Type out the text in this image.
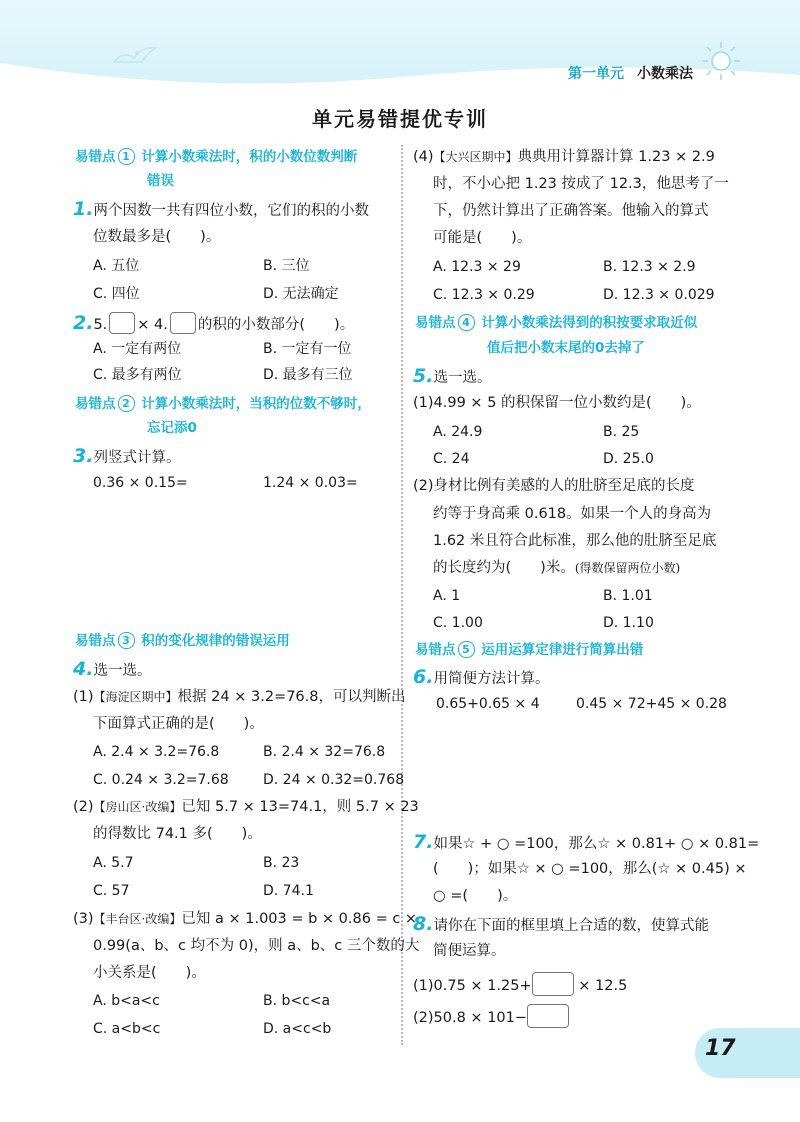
第一单元 小数乘法
单元易错提优专训
易错点 1 计算小数乘法时，积的小数位数判断
错误
1.两个因数一共有四位小数，它们的积的小数
位数最多是(　　)。
A. 五位	B. 三位
C. 四位	D. 无法确定
2.5. × 4. 的积的小数部分(　　)。
A. 一定有两位	B. 一定有一位
C. 最多有两位	D. 最多有三位
易错点 2 计算小数乘法时，当积的位数不够时，
忘记添0
3.列竖式计算。
0.36 × 0.15=	1.24 × 0.03=
易错点 3 积的变化规律的错误运用
4.选一选。
(1)【海淀区期中】根据 24 × 3.2=76.8，可以判断出
下面算式正确的是(　　)。
A. 2.4 × 3.2=76.8	B. 2.4 × 32=76.8
C. 0.24 × 3.2=7.68 D. 24 × 0.32=0.768
(2)【房山区·改编】已知 5.7 × 13=74.1，则 5.7 × 23
的得数比 74.1 多(　　)。
A. 5.7	B. 23
C. 57	D. 74.1
(3)【丰台区·改编】已知 a × 1.003 = b × 0.86 = c ×
0.99(a、b、c 均不为 0)，则 a、b、c 三个数的大
小关系是(　　)。
A. b<a<c	B. b<c<a
C. a<b<c	D. a<c<b
(4)【大兴区期中】典典用计算器计算 1.23 × 2.9
时，不小心把 1.23 按成了 12.3，他思考了一
下，仍然计算出了正确答案。他输入的算式
可能是(　　)。
A. 12.3 × 29	B. 12.3 × 2.9
C. 12.3 × 0.29	D. 12.3 × 0.029
易错点 4 计算小数乘法得到的积按要求取近似
值后把小数末尾的0去掉了
5.选一选。
(1)4.99 × 5 的积保留一位小数约是(　　)。
A. 24.9	B. 25
C. 24	D. 25.0
(2)身材比例有美感的人的肚脐至足底的长度
约等于身高乘 0.618。如果一个人的身高为
1.62 米且符合此标准，那么他的肚脐至足底
的长度约为(　　)米。(得数保留两位小数)
A. 1	B. 1.01
C. 1.00	D. 1.10
易错点 5 运用运算定律进行简算出错
6.用简便方法计算。
0.65+0.65 × 4	0.45 × 72+45 × 0.28
7.如果☆ + ○ =100，那么☆ × 0.81+ ○ × 0.81=
(　　)；如果☆ × ○ =100，那么(☆ × 0.45) ×
○ =(　　)。
8.请你在下面的框里填上合适的数，使算式能
简便运算。
(1)0.75 × 1.25+	× 12.5
(2)50.8 × 101−
17
